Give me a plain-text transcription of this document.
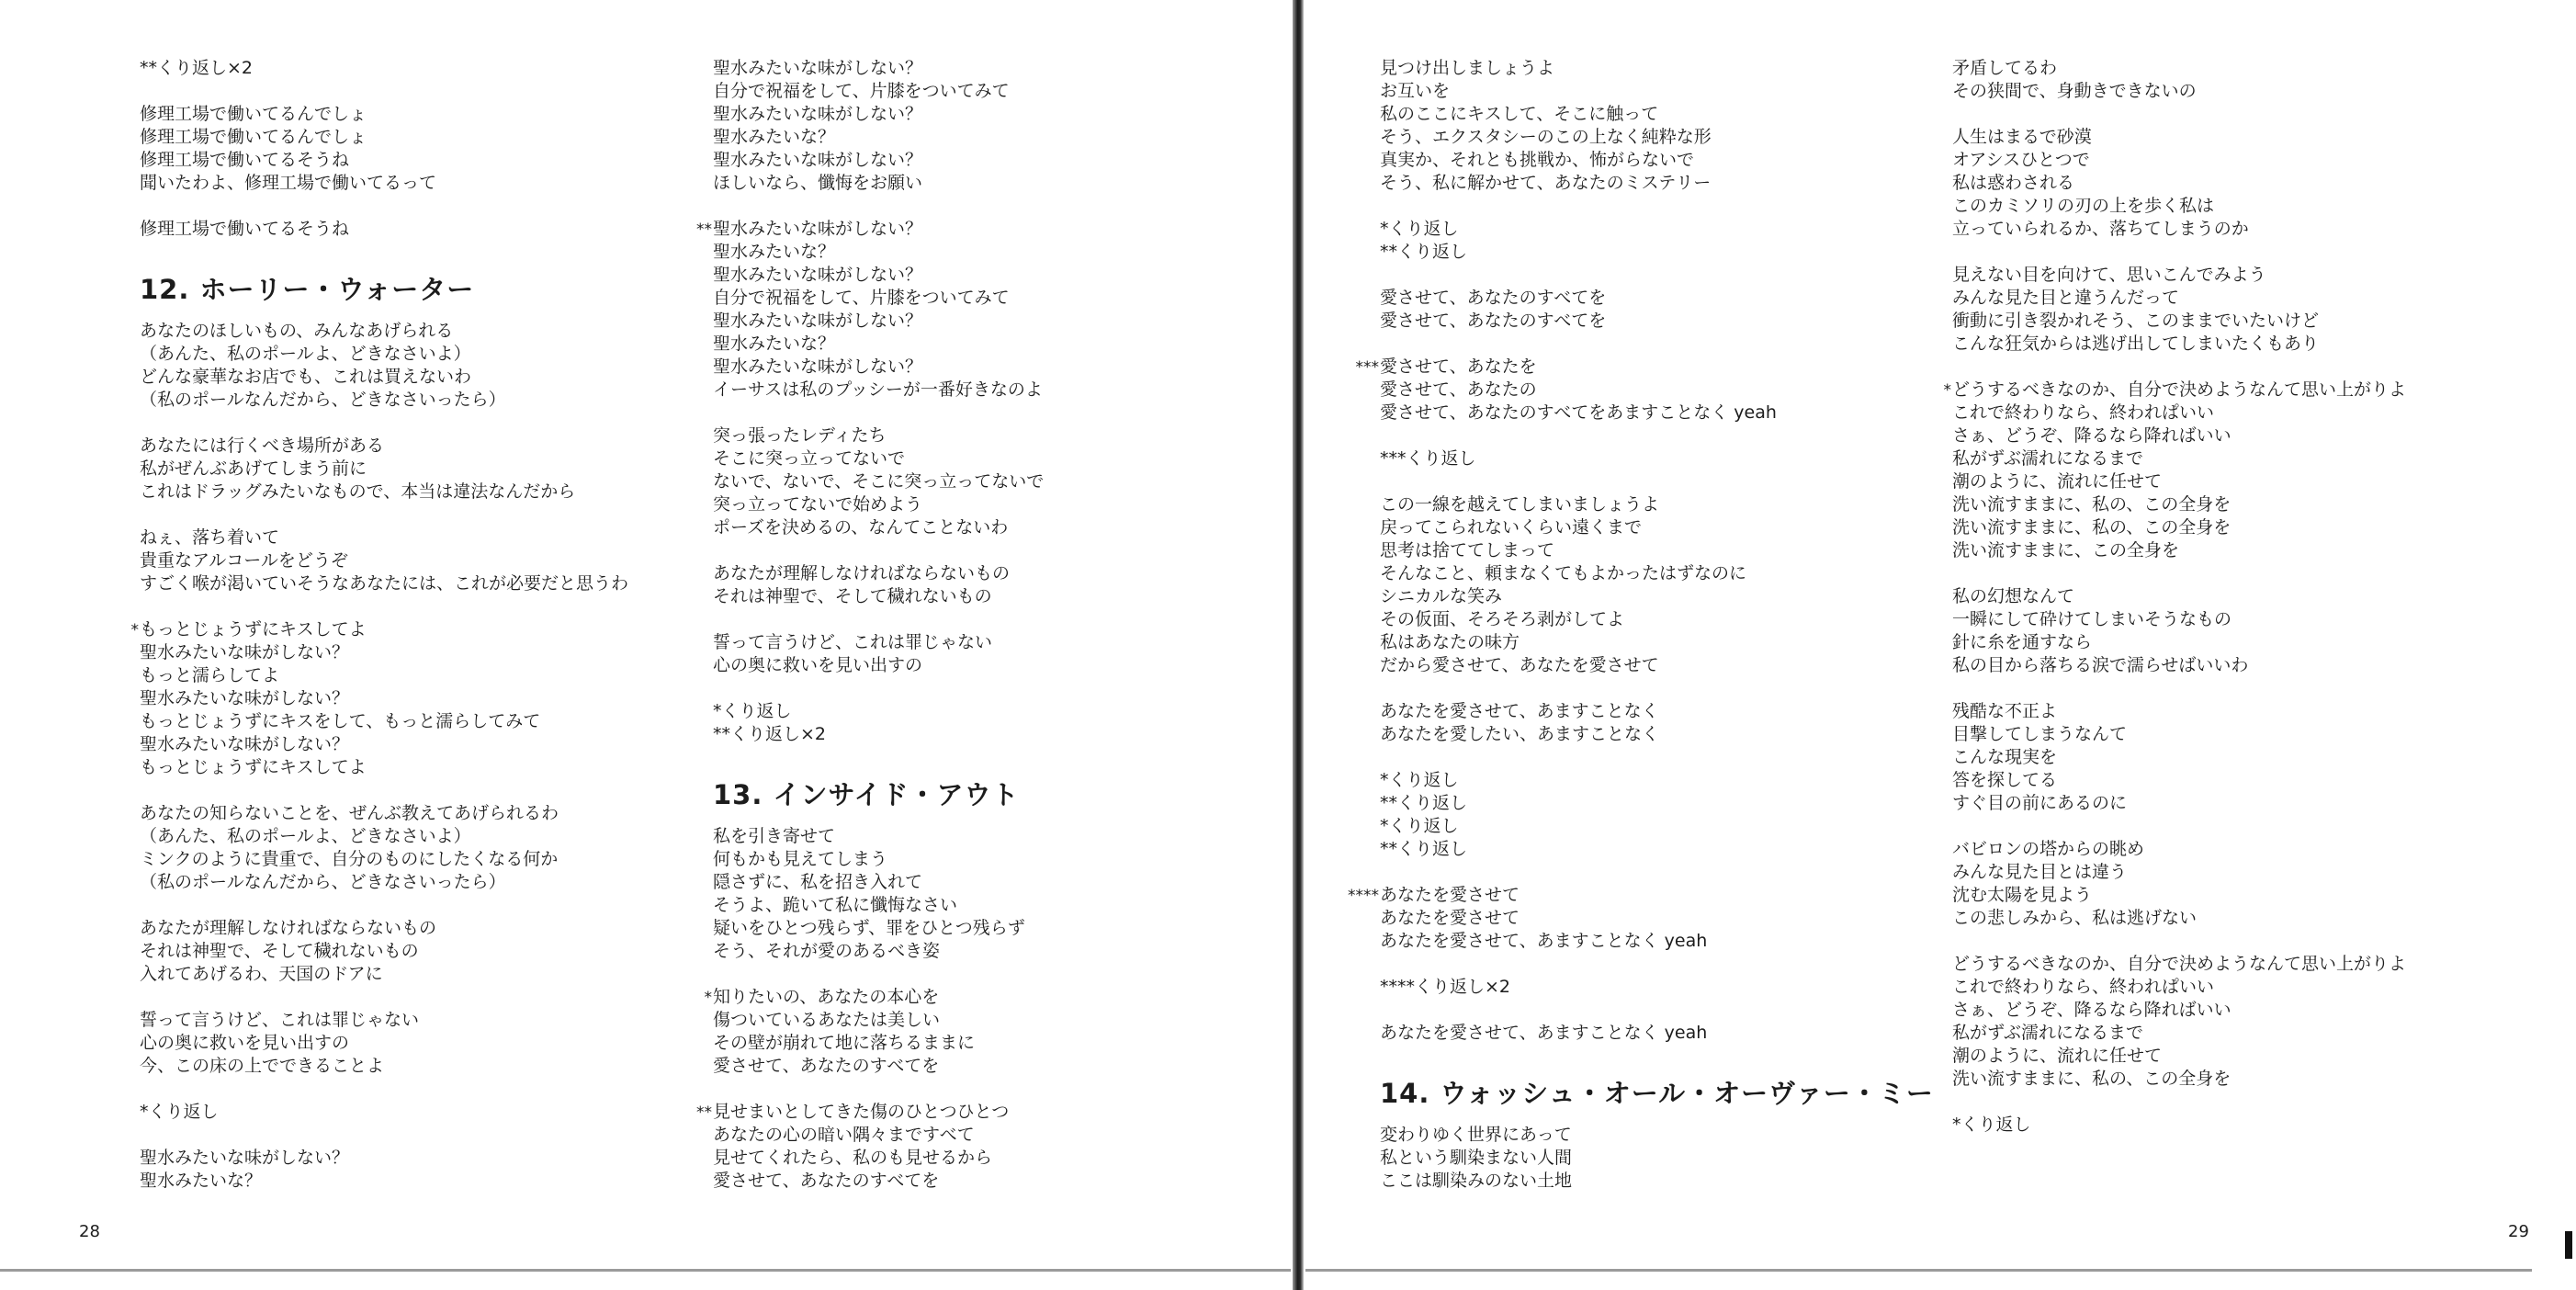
**くり返し×2
修理工場で働いてるんでしょ
修理工場で働いてるんでしょ
修理工場で働いてるそうね
聞いたわよ、修理工場で働いてるって
修理工場で働いてるそうね
12. ホーリー・ウォーター
あなたのほしいもの、みんなあげられる
（あんた、私のポールよ、どきなさいよ）
どんな豪華なお店でも、これは買えないわ
（私のポールなんだから、どきなさいったら）
あなたには行くべき場所がある
私がぜんぶあげてしまう前に
これはドラッグみたいなもので、本当は違法なんだから
ねぇ、落ち着いて
貴重なアルコールをどうぞ
すごく喉が渇いていそうなあなたには、これが必要だと思うわ
* もっとじょうずにキスしてよ
聖水みたいな味がしない？
もっと濡らしてよ
聖水みたいな味がしない？
もっとじょうずにキスをして、もっと濡らしてみて
聖水みたいな味がしない？
もっとじょうずにキスしてよ
あなたの知らないことを、ぜんぶ教えてあげられるわ
（あんた、私のポールよ、どきなさいよ）
ミンクのように貴重で、自分のものにしたくなる何か
（私のポールなんだから、どきなさいったら）
あなたが理解しなければならないもの
それは神聖で、そして穢れないもの
入れてあげるわ、天国のドアに
誓って言うけど、これは罪じゃない
心の奥に救いを見い出すの
今、この床の上でできることよ
*くり返し
聖水みたいな味がしない？
聖水みたいな？
聖水みたいな味がしない？
自分で祝福をして、片膝をついてみて
聖水みたいな味がしない？
聖水みたいな？
聖水みたいな味がしない？
ほしいなら、懺悔をお願い
** 聖水みたいな味がしない？
聖水みたいな？
聖水みたいな味がしない？
自分で祝福をして、片膝をついてみて
聖水みたいな味がしない？
聖水みたいな？
聖水みたいな味がしない？
イーサスは私のプッシーが一番好きなのよ
突っ張ったレディたち
そこに突っ立ってないで
ないで、ないで、そこに突っ立ってないで
突っ立ってないで始めよう
ポーズを決めるの、なんてことないわ
あなたが理解しなければならないもの
それは神聖で、そして穢れないもの
誓って言うけど、これは罪じゃない
心の奥に救いを見い出すの
*くり返し
**くり返し×2
13. インサイド・アウト
私を引き寄せて
何もかも見えてしまう
隠さずに、私を招き入れて
そうよ、跪いて私に懺悔なさい
疑いをひとつ残らず、罪をひとつ残らず
そう、それが愛のあるべき姿
* 知りたいの、あなたの本心を
傷ついているあなたは美しい
その壁が崩れて地に落ちるままに
愛させて、あなたのすべてを
** 見せまいとしてきた傷のひとつひとつ
あなたの心の暗い隅々まですべて
見せてくれたら、私のも見せるから
愛させて、あなたのすべてを
28
見つけ出しましょうよ
お互いを
私のここにキスして、そこに触って
そう、エクスタシーのこの上なく純粋な形
真実か、それとも挑戦か、怖がらないで
そう、私に解かせて、あなたのミステリー
*くり返し
**くり返し
愛させて、あなたのすべてを
愛させて、あなたのすべてを
*** 愛させて、あなたを
愛させて、あなたの
愛させて、あなたのすべてをあますことなく yeah
***くり返し
この一線を越えてしまいましょうよ
戻ってこられないくらい遠くまで
思考は捨ててしまって
そんなこと、頼まなくてもよかったはずなのに
シニカルな笑み
その仮面、そろそろ剥がしてよ
私はあなたの味方
だから愛させて、あなたを愛させて
あなたを愛させて、あますことなく
あなたを愛したい、あますことなく
*くり返し
**くり返し
*くり返し
**くり返し
**** あなたを愛させて
あなたを愛させて
あなたを愛させて、あますことなく yeah
****くり返し×2
あなたを愛させて、あますことなく yeah
14. ウォッシュ・オール・オーヴァー・ミー
変わりゆく世界にあって
私という馴染まない人間
ここは馴染みのない土地
矛盾してるわ
その狭間で、身動きできないの
人生はまるで砂漠
オアシスひとつで
私は惑わされる
このカミソリの刃の上を歩く私は
立っていられるか、落ちてしまうのか
見えない目を向けて、思いこんでみよう
みんな見た目と違うんだって
衝動に引き裂かれそう、このままでいたいけど
こんな狂気からは逃げ出してしまいたくもあり
* どうするべきなのか、自分で決めようなんて思い上がりよ
これで終わりなら、終われぱいい
さぁ、どうぞ、降るなら降ればいい
私がずぶ濡れになるまで
潮のように、流れに任せて
洗い流すままに、私の、この全身を
洗い流すままに、私の、この全身を
洗い流すままに、この全身を
私の幻想なんて
一瞬にして砕けてしまいそうなもの
針に糸を通すなら
私の目から落ちる涙で濡らせばいいわ
残酷な不正よ
目撃してしまうなんて
こんな現実を
答を探してる
すぐ目の前にあるのに
バビロンの塔からの眺め
みんな見た目とは違う
沈む太陽を見よう
この悲しみから、私は逃げない
どうするべきなのか、自分で決めようなんて思い上がりよ
これで終わりなら、終われぱいい
さぁ、どうぞ、降るなら降ればいい
私がずぶ濡れになるまで
潮のように、流れに任せて
洗い流すままに、私の、この全身を
*くり返し
29
